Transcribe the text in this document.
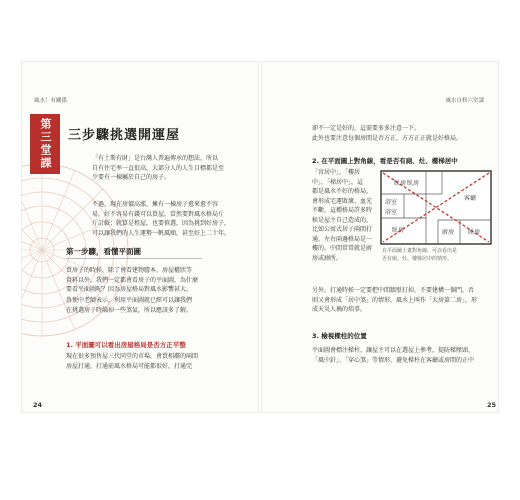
風水！有關係	風水自修六堂課
第三堂課 三步驟挑選開運屋

「有土斯有財」是台灣人普遍傳承的想法，所以
自有住宅率一直很高，大部分人的人生目標都是至
少要有一棟屬於自己的房子。

不過，現在房價高漲，擁有一棟房子愈來愈不容
易，好不容易有錢可以買屋，當然要對風水格局斤
斤計較；就算是租屋，也要慎選，因為挑到好房子，
可以讓我們的人生運勢一帆風順，甚至好上二十年。

第一步驟，看懂平面圖

買房子的時候，除了會看建物謄本、房屋權狀等
資料以外，我們一定都會看房子的平面圖，為什麼
要看平面圖呢？因為房屋格局對風水影響甚大。

魯便中老師表示，利用平面圖就已經可以讓我們
在挑選房子時篩掉一些煞氣，所以應該多了解。

1. 平面圖可以看出房屋格局是否方正平整

現在很多預售屋三代同堂的市場，會買相鄰的兩間
房屋打通，打通前風水格局可能都很好，打通完

24

卻不一定是好的，這需要多多注意一下。
此外也要注意每個房間是否方正，方方正正就是好格局。

2. 在平面圖上對角線，看是否有廁、灶、樓梯居中

「宮居中」，「樓居
中」，「梯居中」，這
都是風水不好的格局，
會形成宅運敗壞、血光
不斷，這種格局許多時
候是屋主自己造成的，
比如公寓式居子兩間打
通，左右兩邊格局是一
樓的，中間常常就是廚
房或廁所。

臥房 臥房
浴室
浴室
客廳
臥房	廚房 臥房

在平面圖上畫對角線，可以看出是
否有廁、灶、樓梯居中的情形。

另外，打通時候一定要把中間牆壁打掉，不要建構一個門，否
則又會形成「居中煞」的情形，風水上叫作「大房第二房」，形
成天災人禍的煩事。

3. 檢視樑柱的位置

平面圖會標注樑柱，讓屋主可以在選屋上參考，提防樑壓頭、
「風中針」、「穿心煞」等情形，避免樑柱在客廳或房間的正中

25
